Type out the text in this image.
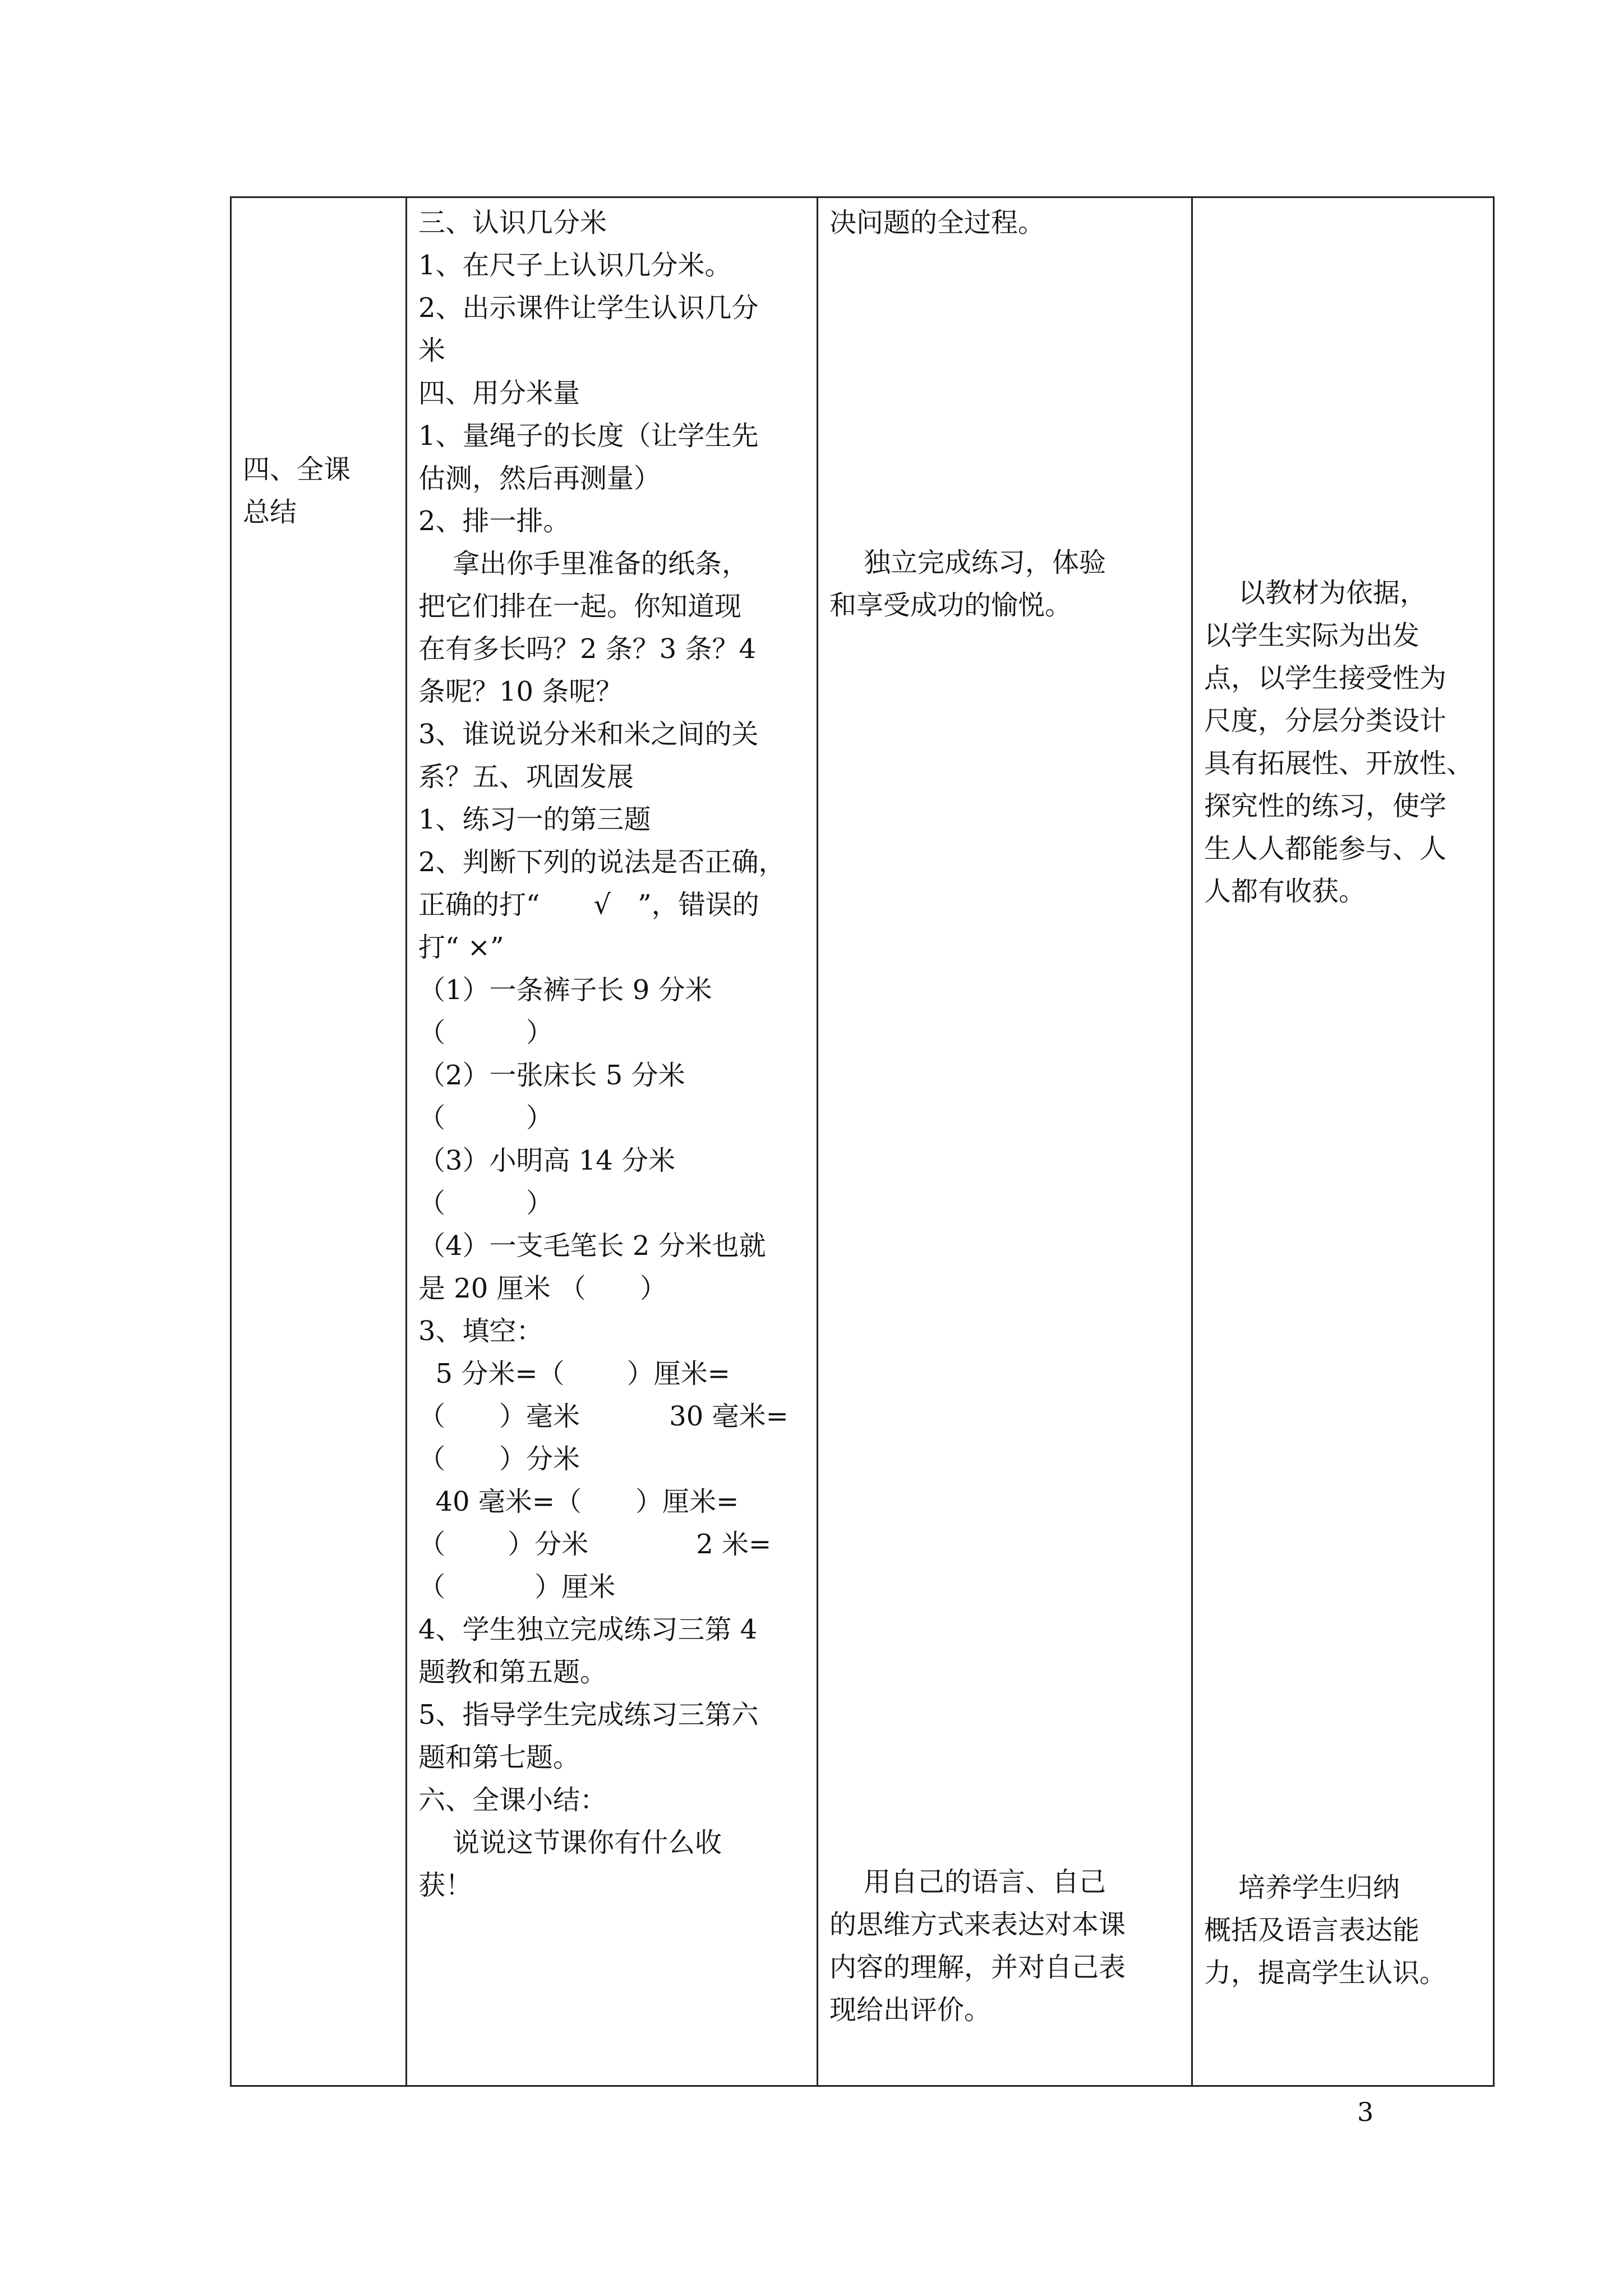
四、全课
总结

三、认识几分米
1、在尺子上认识几分米。
2、出示课件让学生认识几分
米
四、用分米量
1、量绳子的长度（让学生先
估测，然后再测量）
2、排一排。
拿出你手里准备的纸条，
把它们排在一起。你知道现
在有多长吗？2 条？3 条？4
条呢？10 条呢？
3、谁说说分米和米之间的关
系？五、巩固发展
1、练习一的第三题
2、判断下列的说法是否正确，
正确的打“　　√　”，错误的
打“ ×”
（1）一条裤子长 9 分米
（　　　）
（2）一张床长 5 分米
（　　　）
（3）小明高 14 分米
（　　　）
（4）一支毛笔长 2 分米也就
是 20 厘米 （　　）
3、填空：
5 分米=（　　 ）厘米=
（　　）毫米　　　 30 毫米=
（　　）分米
40 毫米=（　　）厘米=
（　　 ）分米　　　　2 米=
（　　　 ）厘米
4、学生独立完成练习三第 4
题教和第五题。
5、指导学生完成练习三第六
题和第七题。
六、全课小结：
说说这节课你有什么收
获！

决问题的全过程。
独立完成练习，体验
和享受成功的愉悦。
用自己的语言、自己
的思维方式来表达对本课
内容的理解，并对自己表
现给出评价。

以教材为依据，
以学生实际为出发
点，以学生接受性为
尺度，分层分类设计
具有拓展性、开放性、
探究性的练习，使学
生人人都能参与、人
人都有收获。
培养学生归纳
概括及语言表达能
力，提高学生认识。
3
